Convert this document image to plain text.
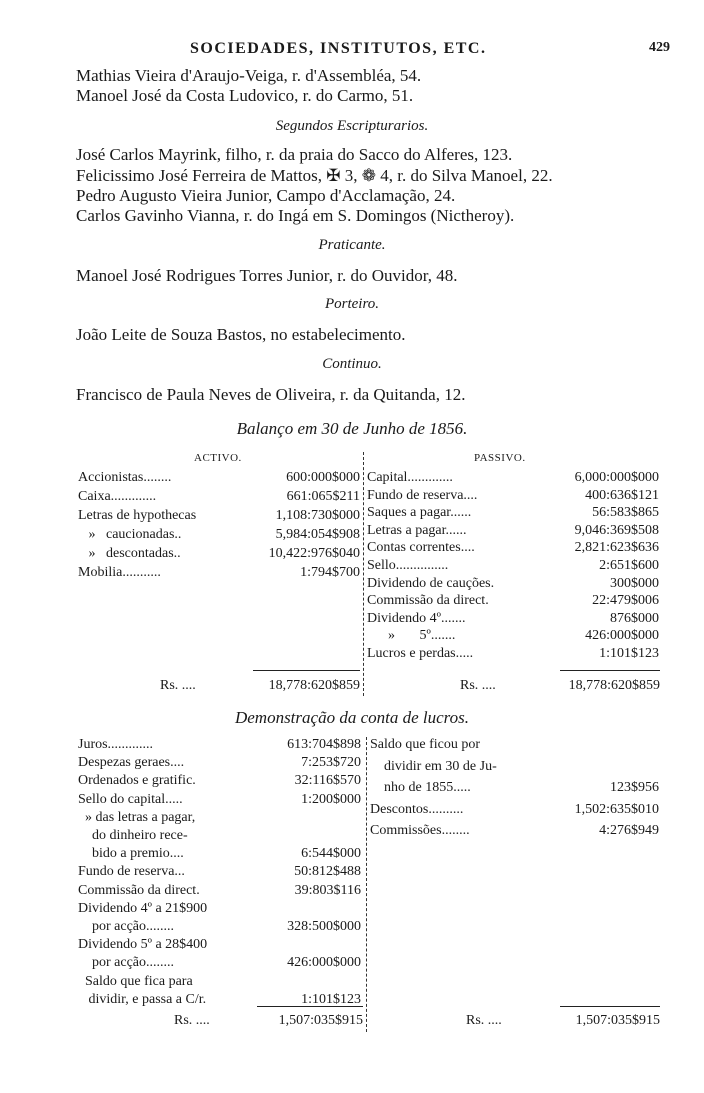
SOCIEDADES, INSTITUTOS, ETC.	429
Mathias Vieira d'Araujo-Veiga, r. d'Assembléa, 54.
Manoel José da Costa Ludovico, r. do Carmo, 51.
Segundos Escripturarios.
José Carlos Mayrink, filho, r. da praia do Sacco do Alferes, 123.
Felicissimo José Ferreira de Mattos, ✠ 3, ❁ 4, r. do Silva Manoel, 22.
Pedro Augusto Vieira Junior, Campo d'Acclamação, 24.
Carlos Gavinho Vianna, r. do Ingá em S. Domingos (Nictheroy).
Praticante.
Manoel José Rodrigues Torres Junior, r. do Ouvidor, 48.
Porteiro.
João Leite de Souza Bastos, no estabelecimento.
Continuo.
Francisco de Paula Neves de Oliveira, r. da Quitanda, 12.
Balanço em 30 de Junho de 1856.
ACTIVO.	PASSIVO.
Accionistas........	600:000$000
Caixa.............	661:065$211
Letras de hypothecas	1,108:730$000
»   caucionadas..	5,984:054$908
»   descontadas..	10,422:976$040
Mobilia...........	1:794$700
Capital.............	6,000:000$000
Fundo de reserva....	400:636$121
Saques a pagar......	56:583$865
Letras a pagar......	9,046:369$508
Contas correntes....	2,821:623$636
Sello...............	2:651$600
Dividendo de cauções.	300$000
Commissão da direct.	22:479$006
Dividendo 4º.......	876$000
»       5º.......	426:000$000
Lucros e perdas.....	1:101$123
Rs. ....	18,778:620$859	Rs. ....	18,778:620$859
Demonstração da conta de lucros.
Juros.............	613:704$898
Despezas geraes....	7:253$720
Ordenados e gratific.	32:116$570
Sello do capital.....	1:200$000
» das letras a pagar,
do dinheiro rece-
bido a premio....	6:544$000
Fundo de reserva...	50:812$488
Commissão da direct.	39:803$116
Dividendo 4º a 21$900
por acção........	328:500$000
Dividendo 5º a 28$400
por acção........	426:000$000
Saldo que fica para
dividir, e passa a C/r.	1:101$123
Saldo que ficou por
dividir em 30 de Ju-
nho de 1855.....	123$956
Descontos..........	1,502:635$010
Commissões........	4:276$949
Rs. ....	1,507:035$915	Rs. ....	1,507:035$915
